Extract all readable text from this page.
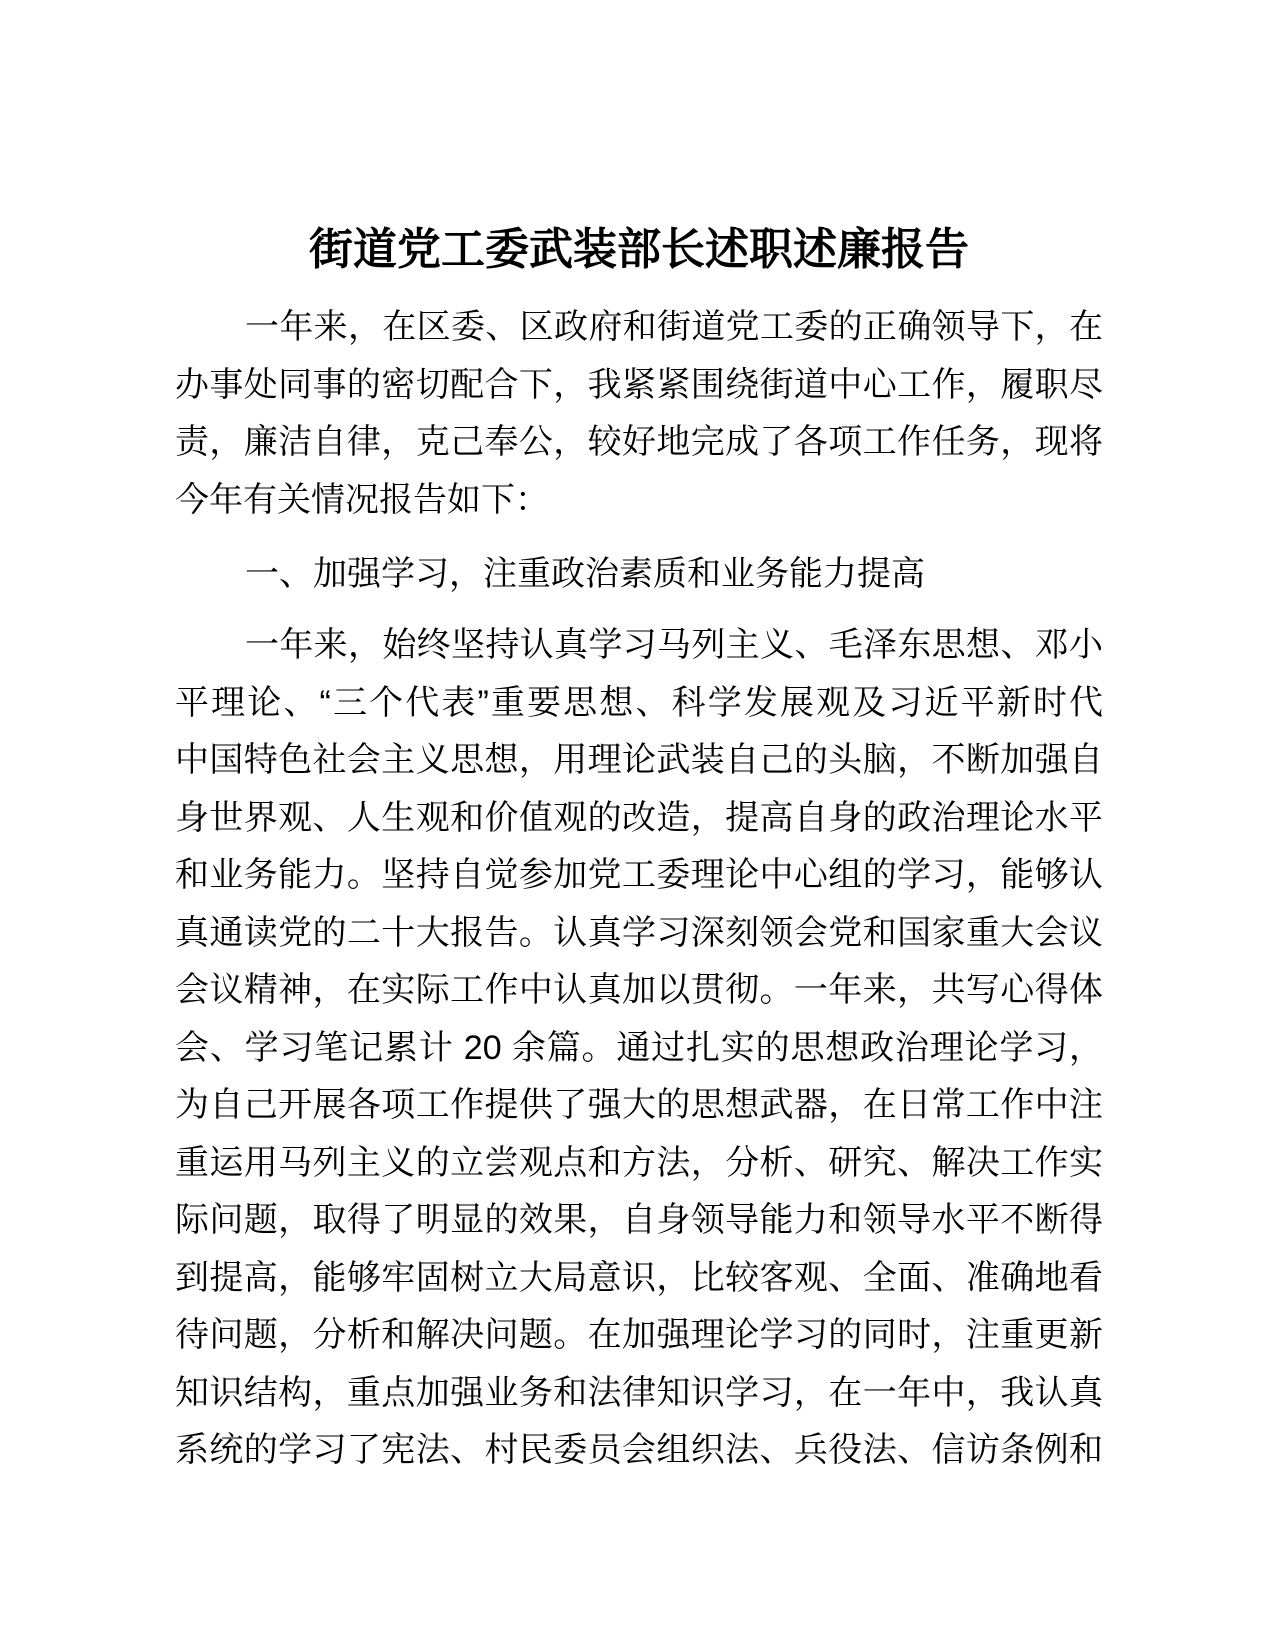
街道党工委武装部长述职述廉报告
一年来，在区委、区政府和街道党工委的正确领导下，在
办事处同事的密切配合下，我紧紧围绕街道中心工作，履职尽
责，廉洁自律，克己奉公，较好地完成了各项工作任务，现将
今年有关情况报告如下：
一、加强学习，注重政治素质和业务能力提高
一年来，始终坚持认真学习马列主义、毛泽东思想、邓小
平理论、“三个代表”重要思想、科学发展观及习近平新时代
中国特色社会主义思想，用理论武装自己的头脑，不断加强自
身世界观、人生观和价值观的改造，提高自身的政治理论水平
和业务能力。坚持自觉参加党工委理论中心组的学习，能够认
真通读党的二十大报告。认真学习深刻领会党和国家重大会议
会议精神，在实际工作中认真加以贯彻。一年来，共写心得体
会、学习笔记累计 20 余篇。通过扎实的思想政治理论学习，
为自己开展各项工作提供了强大的思想武器，在日常工作中注
重运用马列主义的立尝观点和方法，分析、研究、解决工作实
际问题，取得了明显的效果，自身领导能力和领导水平不断得
到提高，能够牢固树立大局意识，比较客观、全面、准确地看
待问题，分析和解决问题。在加强理论学习的同时，注重更新
知识结构，重点加强业务和法律知识学习，在一年中，我认真
系统的学习了宪法、村民委员会组织法、兵役法、信访条例和
